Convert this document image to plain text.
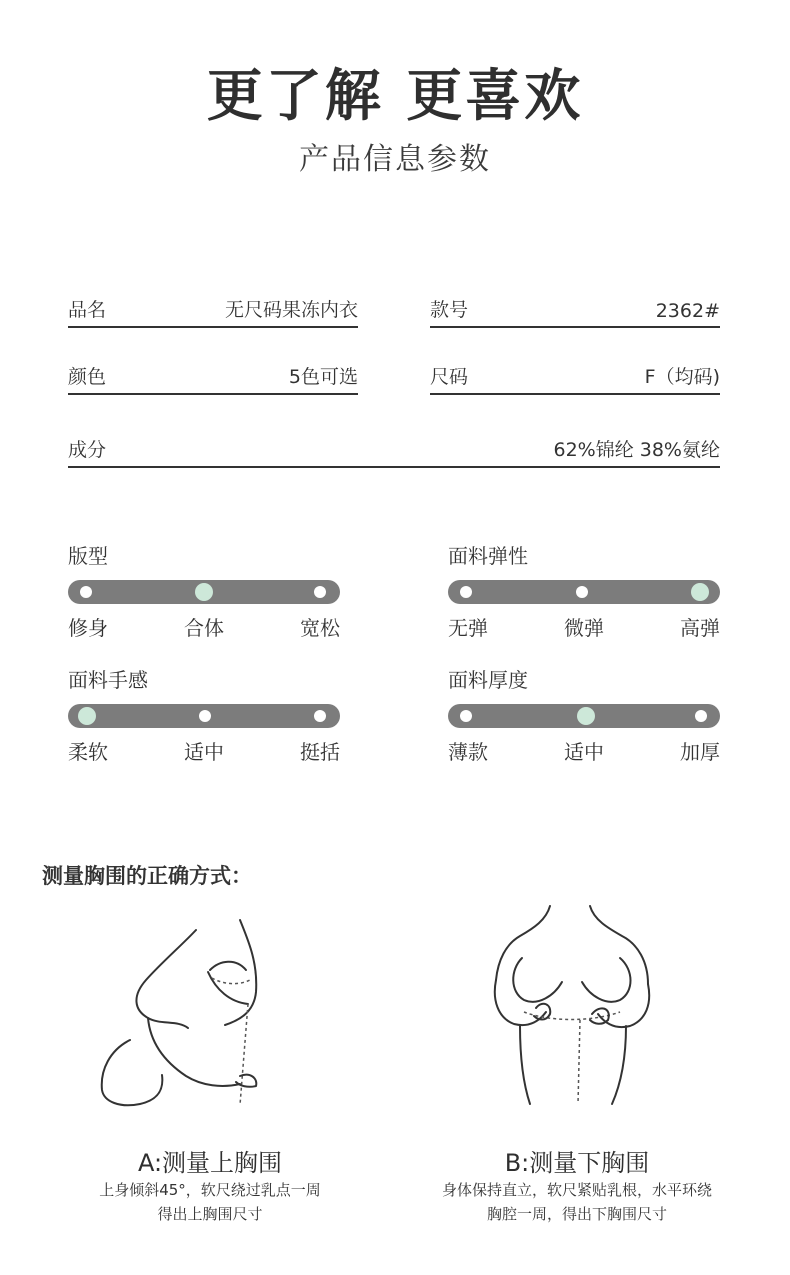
更了解 更喜欢
产品信息参数
品名	无尺码果冻内衣	款号	2362#
颜色	5色可选	尺码	F（均码)
成分	62%锦纶 38%氨纶
版型
修身	合体	宽松
面料弹性
无弹	微弹	高弹
面料手感
柔软	适中	挺括
面料厚度
薄款	适中	加厚
测量胸围的正确方式：
A:测量上胸围
上身倾斜45°，软尺绕过乳点一周
得出上胸围尺寸
B:测量下胸围
身体保持直立，软尺紧贴乳根，水平环绕
胸腔一周，得出下胸围尺寸
